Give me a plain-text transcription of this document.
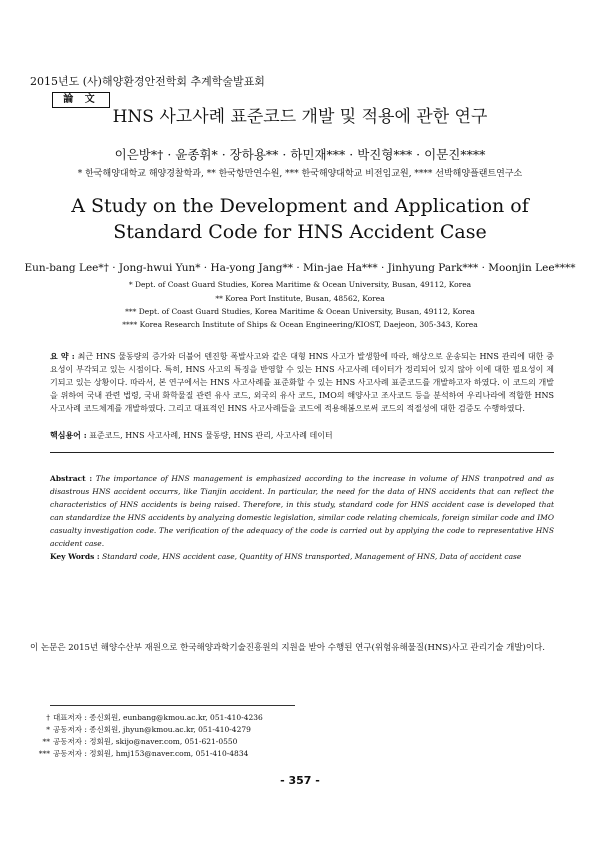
2015년도 (사)해양환경안전학회 추계학술발표회
論 文
HNS 사고사례 표준코드 개발 및 적용에 관한 연구
이은방*† · 윤종휘* · 장하용** · 하민재*** · 박진형*** · 이문진****
* 한국해양대학교 해양경찰학과, ** 한국항만연수원, *** 한국해양대학교 비전임교원, **** 선박해양플랜트연구소
A Study on the Development and Application of Standard Code for HNS Accident Case
Eun-bang Lee*† · Jong-hwui Yun* · Ha-yong Jang** · Min-jae Ha*** · Jinhyung Park*** · Moonjin Lee****
* Dept. of Coast Guard Studies, Korea Maritime & Ocean University, Busan, 49112, Korea
** Korea Port Institute, Busan, 48562, Korea
*** Dept. of Coast Guard Studies, Korea Maritime & Ocean University, Busan, 49112, Korea
**** Korea Research Institute of Ships & Ocean Engineering/KIOST, Daejeon, 305-343, Korea
요 약 : 최근 HNS 물동량의 증가와 더불어 텐진항 폭발사고와 같은 대형 HNS 사고가 발생함에 따라, 해상으로 운송되는 HNS 관리에 대한 중요성이 부각되고 있는 시점이다. 특히, HNS 사고의 특징을 반영할 수 있는 HNS 사고사례 데이터가 정리되어 있지 않아 이에 대한 필요성이 제기되고 있는 상황이다. 따라서, 본 연구에서는 HNS 사고사례를 표준화할 수 있는 HNS 사고사례 표준코드를 개발하고자 하였다. 이 코드의 개발을 위하여 국내 관련 법령, 국내 화학물질 관련 유사 코드, 외국의 유사 코드, IMO의 해양사고 조사코드 등을 분석하여 우리나라에 적합한 HNS 사고사례 코드체계를 개발하였다. 그리고 대표적인 HNS 사고사례들을 코드에 적용해봄으로써 코드의 적절성에 대한 검증도 수행하였다.
핵심용어 : 표준코드, HNS 사고사례, HNS 물동량, HNS 관리, 사고사례 데이터
Abstract : The importance of HNS management is emphasized according to the increase in volume of HNS tranpotred and as disastrous HNS accident occurrs, like Tianjin accident. In particular, the need for the data of HNS accidents that can reflect the characteristics of HNS accidents is being raised. Therefore, in this study, standard code for HNS accident case is developed that can standardize the HNS accidents by analyzing domestic legislation, similar code relating chemicals, foreign similar code and IMO casualty investigation code. The verification of the adequacy of the code is carried out by applying the code to representative HNS accident case.
Key Words : Standard code, HNS accident case, Quantity of HNS transported, Management of HNS, Data of accident case
이 논문은 2015년 해양수산부 재원으로 한국해양과학기술진흥원의 지원을 받아 수행된 연구(위험유해물질(HNS)사고 관리기술 개발)이다.
† 대표저자 : 종신회원, eunbang@kmou.ac.kr, 051-410-4236
* 공동저자 : 종신회원, jhyun@kmou.ac.kr, 051-410-4279
** 공동저자 : 정회원, skijo@naver.com, 051-621-0550
*** 공동저자 : 정회원, hmj153@naver.com, 051-410-4834
- 357 -
